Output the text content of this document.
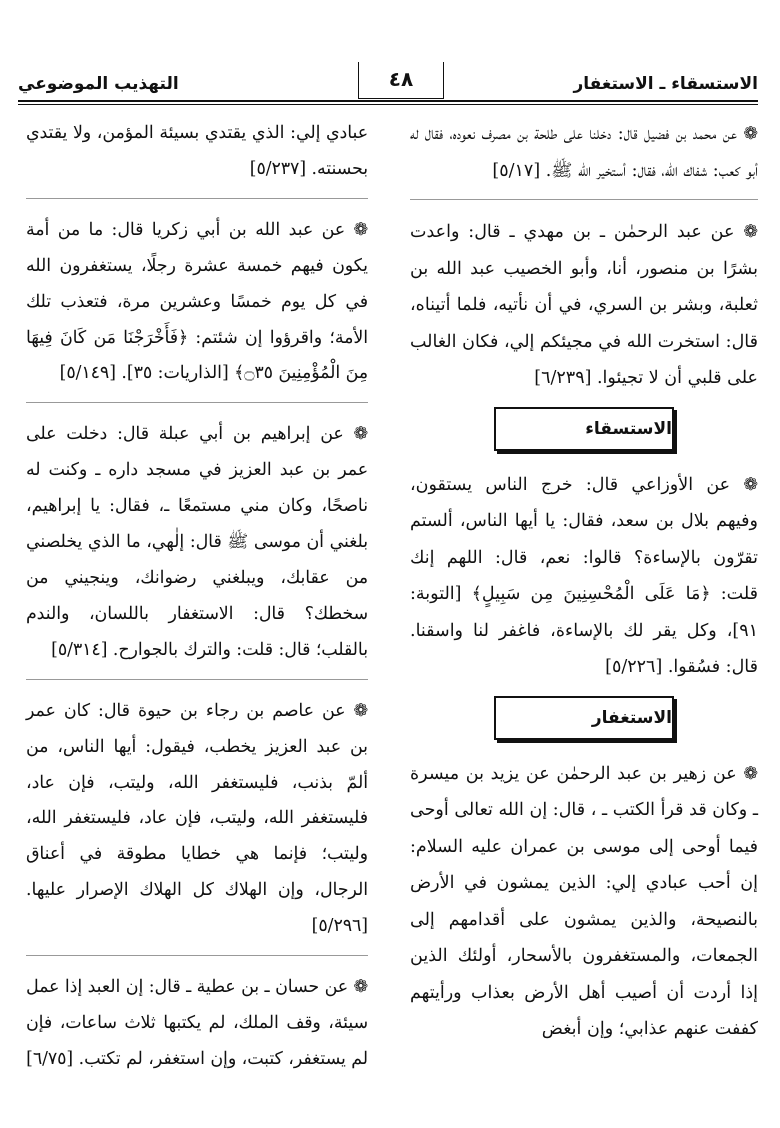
الاستسقاء ـ الاستغفار
٤٨
التهذيب الموضوعي

❁ عن محمد بن فضيل قال: دخلنا على طلحة بن مصرف نعوده، فقال له أبو كعب: شفاك الله، فقال: أستخير الله ﷺ. [٥/١٧]

❁ عن عبد الرحمٰن ـ بن مهدي ـ قال: واعدت بشرًا بن منصور، أنا، وأبو الخصيب عبد الله بن ثعلبة، وبشر بن السري، في أن نأتيه، فلما أتيناه، قال: استخرت الله في مجيئكم إلي، فكان الغالب على قلبي أن لا تجيئوا. [٦/٢٣٩]

الاستسقاء

❁ عن الأوزاعي قال: خرج الناس يستقون، وفيهم بلال بن سعد، فقال: يا أيها الناس، ألستم تقرّون بالإساءة؟ قالوا: نعم، قال: اللهم إنك قلت: ﴿مَا عَلَى الْمُحْسِنِينَ مِن سَبِيلٍ﴾ [التوبة: ٩١]، وكل يقر لك بالإساءة، فاغفر لنا واسقنا. قال: فسُقوا. [٥/٢٢٦]

الاستغفار

❁ عن زهير بن عبد الرحمٰن عن يزيد بن ميسرة ـ وكان قد قرأ الكتب ـ ، قال: إن الله تعالى أوحى فيما أوحى إلى موسى بن عمران عليه السلام: إن أحب عبادي إلي: الذين يمشون في الأرض بالنصيحة، والذين يمشون على أقدامهم إلى الجمعات، والمستغفرون بالأسحار، أولئك الذين إذا أردت أن أصيب أهل الأرض بعذاب ورأيتهم كففت عنهم عذابي؛ وإن أبغض

عبادي إلي: الذي يقتدي بسيئة المؤمن، ولا يقتدي بحسنته. [٥/٢٣٧]

❁ عن عبد الله بن أبي زكريا قال: ما من أمة يكون فيهم خمسة عشرة رجلًا، يستغفرون الله في كل يوم خمسًا وعشرين مرة، فتعذب تلك الأمة؛ واقرؤوا إن شئتم: ﴿فَأَخْرَجْنَا مَن كَانَ فِيهَا مِنَ الْمُؤْمِنِينَ ۝٣٥﴾ [الذاريات: ٣٥]. [٥/١٤٩]

❁ عن إبراهيم بن أبي عبلة قال: دخلت على عمر بن عبد العزيز في مسجد داره ـ وكنت له ناصحًا، وكان مني مستمعًا ـ، فقال: يا إبراهيم، بلغني أن موسى ﷺ قال: إلٰهي، ما الذي يخلصني من عقابك، ويبلغني رضوانك، وينجيني من سخطك؟ قال: الاستغفار باللسان، والندم بالقلب؛ قال: قلت: والترك بالجوارح. [٥/٣١٤]

❁ عن عاصم بن رجاء بن حيوة قال: كان عمر بن عبد العزيز يخطب، فيقول: أيها الناس، من ألمّ بذنب، فليستغفر الله، وليتب، فإن عاد، فليستغفر الله، وليتب، فإن عاد، فليستغفر الله، وليتب؛ فإنما هي خطايا مطوقة في أعناق الرجال، وإن الهلاك كل الهلاك الإصرار عليها. [٥/٢٩٦]

❁ عن حسان ـ بن عطية ـ قال: إن العبد إذا عمل سيئة، وقف الملك، لم يكتبها ثلاث ساعات، فإن لم يستغفر، كتبت، وإن استغفر، لم تكتب. [٦/٧٥]
